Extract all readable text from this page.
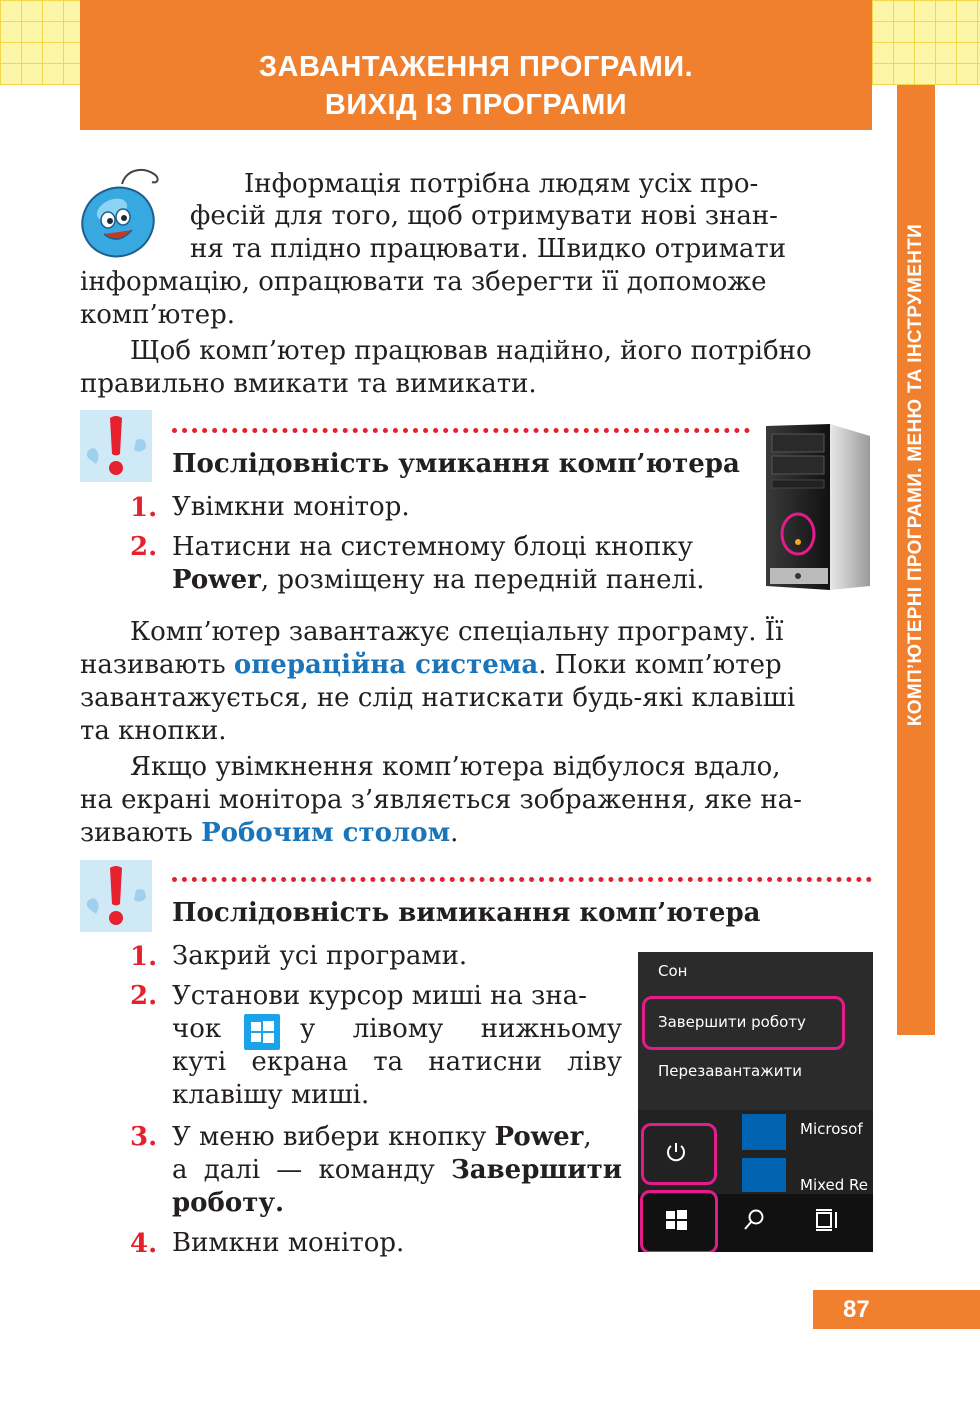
ЗАВАНТАЖЕННЯ ПРОГРАМИ.
ВИХІД ІЗ ПРОГРАМИ
КОМП’ЮТЕРНІ ПРОГРАМИ. МЕНЮ ТА ІНСТРУМЕНТИ

Інформація потрібна людям усіх про-

фесій для того, щоб отримувати нові знан-

ня та плідно працювати. Швидко отримати

інформацію, опрацювати та зберегти її допоможе

комп’ютер.

Щоб комп’ютер працював надійно, його потрібно

правильно вмикати та вимикати.

Послідовність умикання комп’ютера
1. Увімкни монітор.
2. Натисни на системному блоці кнопку
Power, розміщену на передній панелі.

Комп’ютер завантажує спеціальну програму. Її

називають операційна система. Поки комп’ютер

завантажується, не слід натискати будь-які клавіші

та кнопки.

Якщо увімкнення комп’ютера відбулося вдало,

на екрані монітора з’являється зображення, яке на-

зивають Робочим столом.

Послідовність вимикання комп’ютера
1. Закрий усі програми.
2. Установи курсор миші на зна-

чок	у лівому нижньому

куті екрана та натисни ліву

клавішу миші.

3. У меню вибери кнопку Power,

а далі — команду Завершити

роботу.
4. Вимкни монітор.
Сон
Завершити роботу
Перезавантажити
Microsof
Mixed Re
87
